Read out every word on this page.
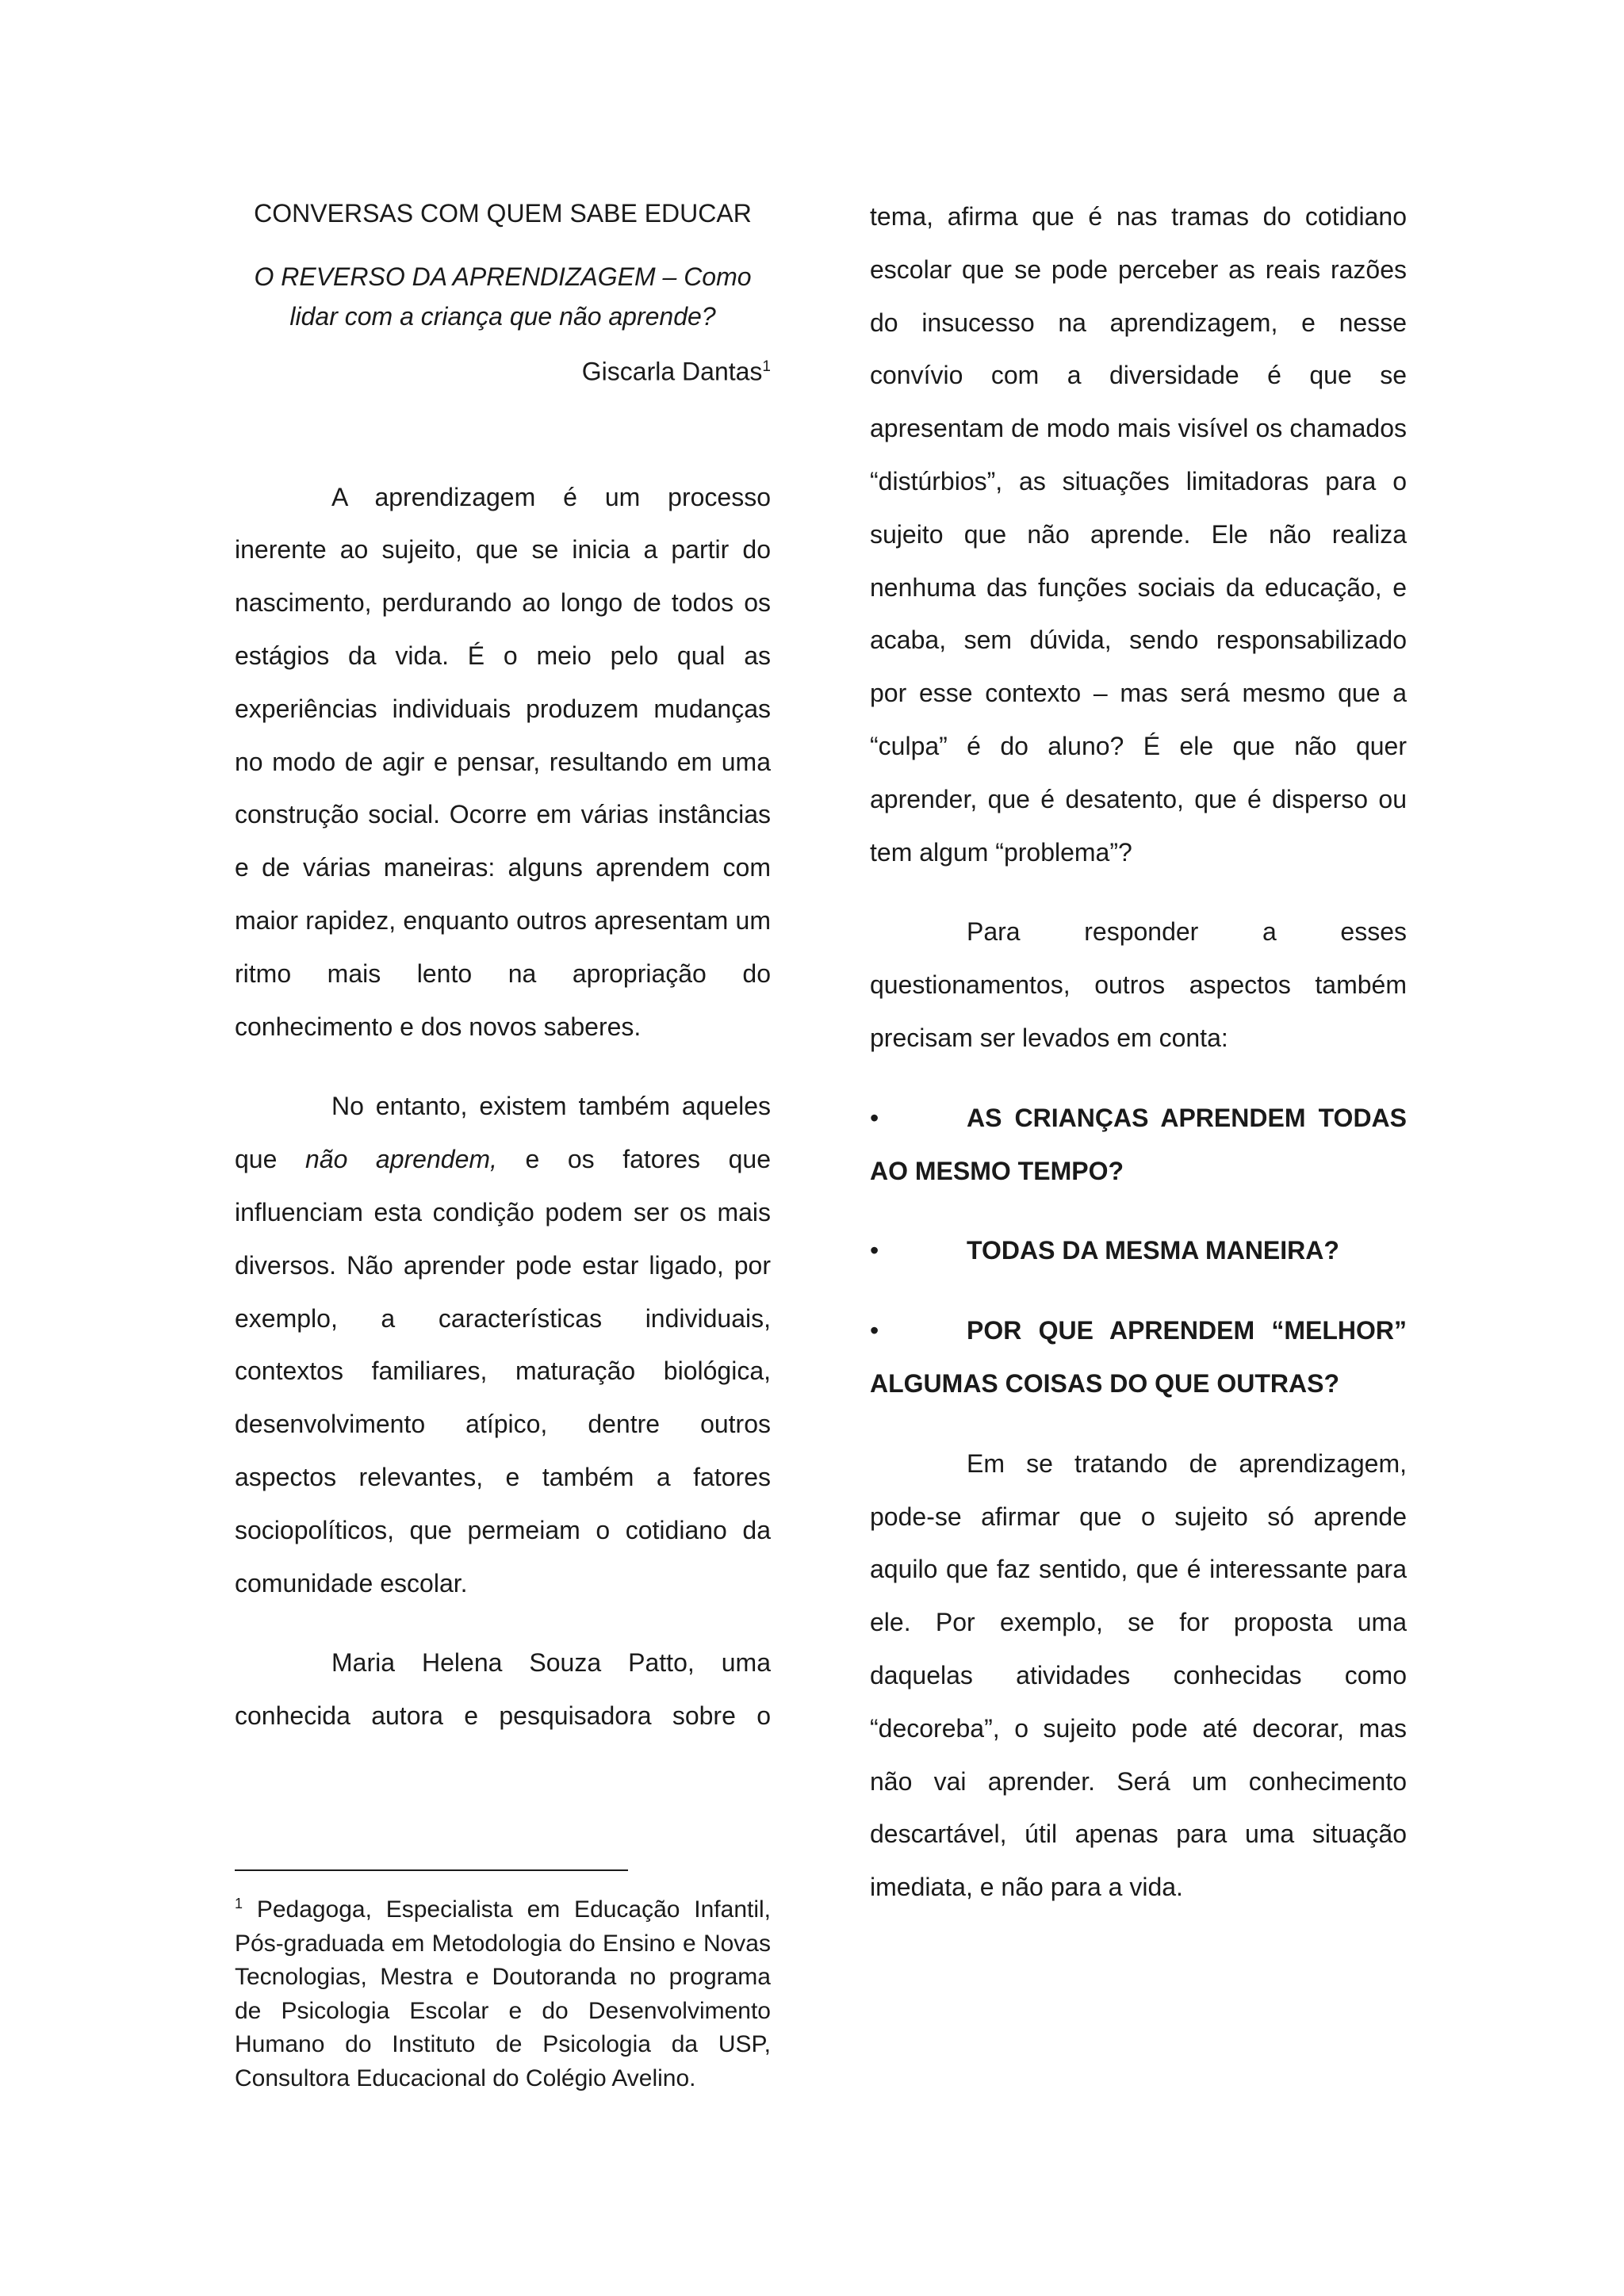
CONVERSAS COM QUEM SABE EDUCAR
O REVERSO DA APRENDIZAGEM – Como lidar com a criança que não aprende?
Giscarla Dantas$^1$

A aprendizagem é um processo inerente ao sujeito, que se inicia a partir do nascimento, perdurando ao longo de todos os estágios da vida. É o meio pelo qual as experiências individuais produzem mudanças no modo de agir e pensar, resultando em uma construção social. Ocorre em várias instâncias e de várias maneiras: alguns aprendem com maior rapidez, enquanto outros apresentam um ritmo mais lento na apropriação do conhecimento e dos novos saberes.

No entanto, existem também aqueles que não aprendem, e os fatores que influenciam esta condição podem ser os mais diversos. Não aprender pode estar ligado, por exemplo, a características individuais, contextos familiares, maturação biológica, desenvolvimento atípico, dentre outros aspectos relevantes, e também a fatores sociopolíticos, que permeiam o cotidiano da comunidade escolar.

Maria Helena Souza Patto, uma conhecida autora e pesquisadora sobre o

$^1$ Pedagoga, Especialista em Educação Infantil, Pós-graduada em Metodologia do Ensino e Novas Tecnologias, Mestra e Doutoranda no programa de Psicologia Escolar e do Desenvolvimento Humano do Instituto de Psicologia da USP, Consultora Educacional do Colégio Avelino.

tema, afirma que é nas tramas do cotidiano escolar que se pode perceber as reais razões do insucesso na aprendizagem, e nesse convívio com a diversidade é que se apresentam de modo mais visível os chamados “distúrbios”, as situações limitadoras para o sujeito que não aprende. Ele não realiza nenhuma das funções sociais da educação, e acaba, sem dúvida, sendo responsabilizado por esse contexto – mas será mesmo que a “culpa” é do aluno? É ele que não quer aprender, que é desatento, que é disperso ou tem algum “problema”?

Para responder a esses questionamentos, outros aspectos também precisam ser levados em conta:

•	AS CRIANÇAS APRENDEM TODAS AO MESMO TEMPO?
•	TODAS DA MESMA MANEIRA?
•	POR QUE APRENDEM “MELHOR” ALGUMAS COISAS DO QUE OUTRAS?

Em se tratando de aprendizagem, pode-se afirmar que o sujeito só aprende aquilo que faz sentido, que é interessante para ele. Por exemplo, se for proposta uma daquelas atividades conhecidas como “decoreba”, o sujeito pode até decorar, mas não vai aprender. Será um conhecimento descartável, útil apenas para uma situação imediata, e não para a vida.
